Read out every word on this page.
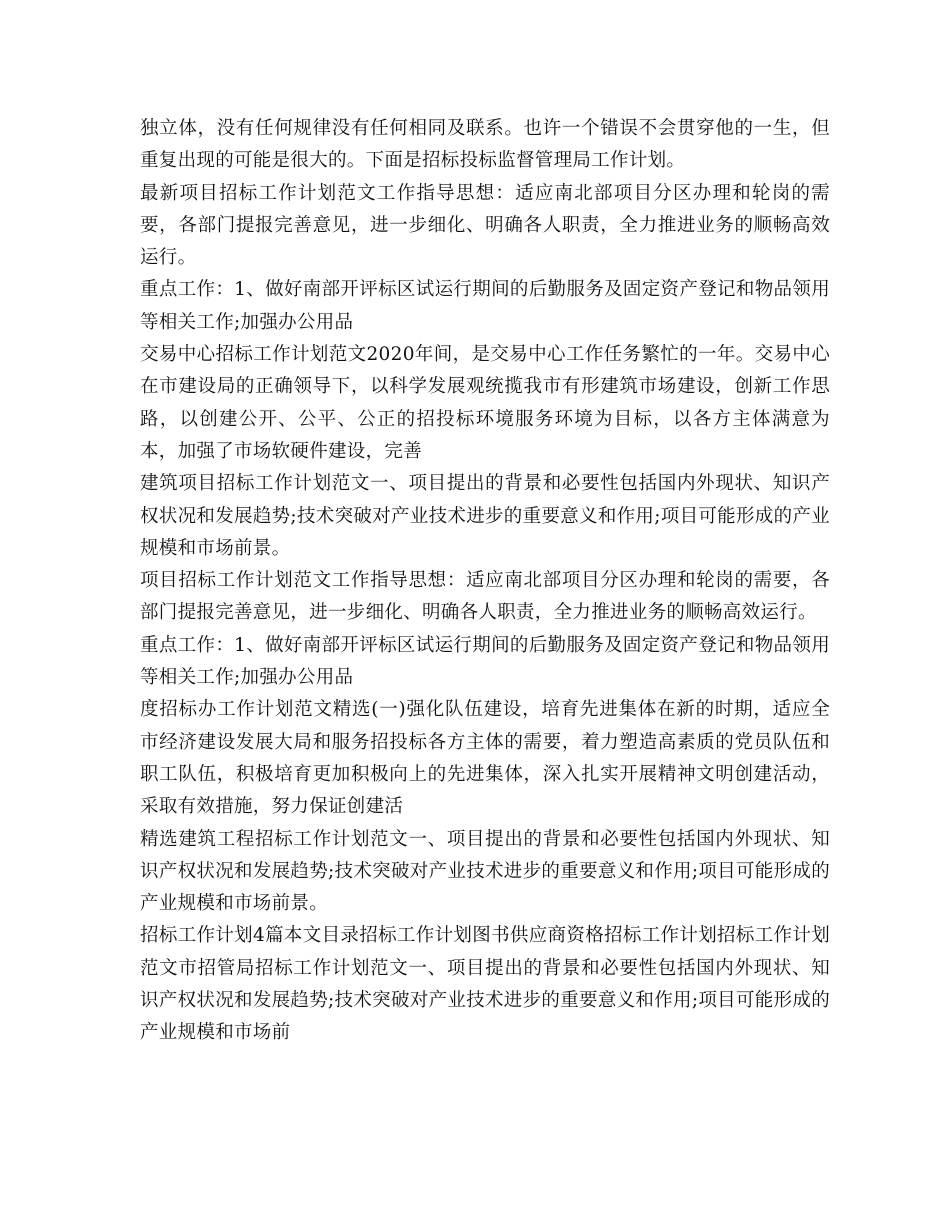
独立体，没有任何规律没有任何相同及联系。也许一个错误不会贯穿他的一生，但重复出现的可能是很大的。下面是招标投标监督管理局工作计划。

最新项目招标工作计划范文工作指导思想：适应南北部项目分区办理和轮岗的需要，各部门提报完善意见，进一步细化、明确各人职责，全力推进业务的顺畅高效运行。

重点工作：1、做好南部开评标区试运行期间的后勤服务及固定资产登记和物品领用等相关工作;加强办公用品

交易中心招标工作计划范文2020年间，是交易中心工作任务繁忙的一年。交易中心在市建设局的正确领导下，以科学发展观统揽我市有形建筑市场建设，创新工作思路，以创建公开、公平、公正的招投标环境服务环境为目标，以各方主体满意为本，加强了市场软硬件建设，完善

建筑项目招标工作计划范文一、项目提出的背景和必要性包括国内外现状、知识产权状况和发展趋势;技术突破对产业技术进步的重要意义和作用;项目可能形成的产业规模和市场前景。

项目招标工作计划范文工作指导思想：适应南北部项目分区办理和轮岗的需要，各部门提报完善意见，进一步细化、明确各人职责，全力推进业务的顺畅高效运行。

重点工作：1、做好南部开评标区试运行期间的后勤服务及固定资产登记和物品领用等相关工作;加强办公用品

度招标办工作计划范文精选(一)强化队伍建设，培育先进集体在新的时期，适应全市经济建设发展大局和服务招投标各方主体的需要，着力塑造高素质的党员队伍和职工队伍，积极培育更加积极向上的先进集体，深入扎实开展精神文明创建活动，采取有效措施，努力保证创建活

精选建筑工程招标工作计划范文一、项目提出的背景和必要性包括国内外现状、知识产权状况和发展趋势;技术突破对产业技术进步的重要意义和作用;项目可能形成的产业规模和市场前景。

招标工作计划4篇本文目录招标工作计划图书供应商资格招标工作计划招标工作计划范文市招管局招标工作计划范文一、项目提出的背景和必要性包括国内外现状、知识产权状况和发展趋势;技术突破对产业技术进步的重要意义和作用;项目可能形成的产业规模和市场前
